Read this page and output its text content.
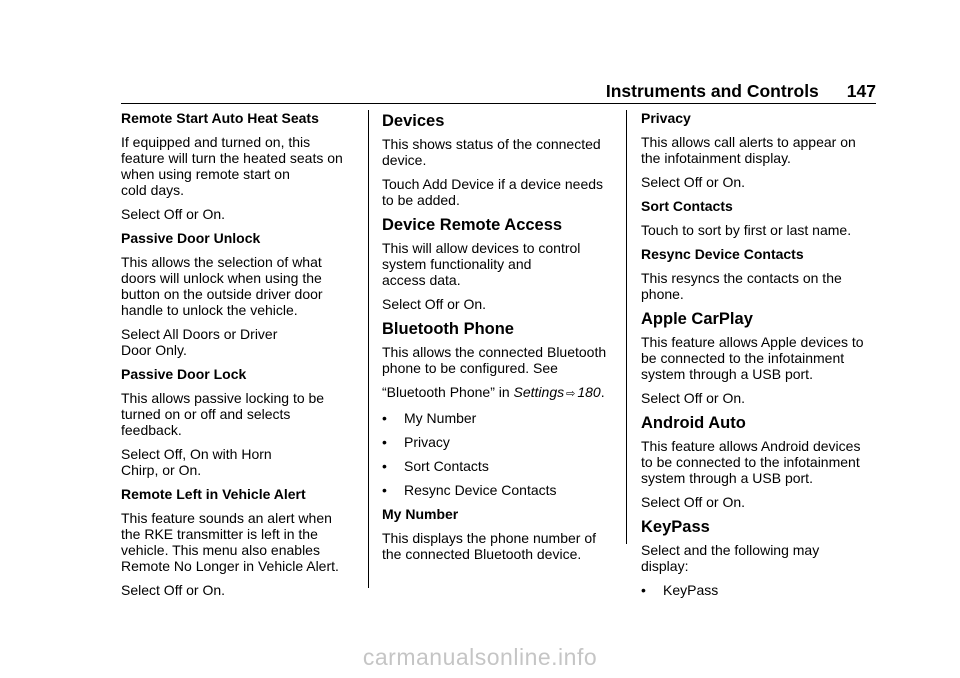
Instruments and Controls 147

Remote Start Auto Heat Seats

If equipped and turned on, this
feature will turn the heated seats on
when using remote start on
cold days.

Select Off or On.

Passive Door Unlock

This allows the selection of what
doors will unlock when using the
button on the outside driver door
handle to unlock the vehicle.

Select All Doors or Driver
Door Only.

Passive Door Lock

This allows passive locking to be
turned on or off and selects
feedback.

Select Off, On with Horn
Chirp, or On.

Remote Left in Vehicle Alert

This feature sounds an alert when
the RKE transmitter is left in the
vehicle. This menu also enables
Remote No Longer in Vehicle Alert.

Select Off or On.

Devices

This shows status of the connected
device.

Touch Add Device if a device needs
to be added.

Device Remote Access

This will allow devices to control
system functionality and
access data.

Select Off or On.

Bluetooth Phone

This allows the connected Bluetooth
phone to be configured. See

“Bluetooth Phone” in Settings ⇨ 180.

•	My Number
•	Privacy
•	Sort Contacts
•	Resync Device Contacts

My Number

This displays the phone number of
the connected Bluetooth device.

Privacy

This allows call alerts to appear on
the infotainment display.

Select Off or On.

Sort Contacts

Touch to sort by first or last name.

Resync Device Contacts

This resyncs the contacts on the
phone.

Apple CarPlay

This feature allows Apple devices to
be connected to the infotainment
system through a USB port.

Select Off or On.

Android Auto

This feature allows Android devices
to be connected to the infotainment
system through a USB port.

Select Off or On.

KeyPass

Select and the following may
display:

•	KeyPass
carmanualsonline.info
